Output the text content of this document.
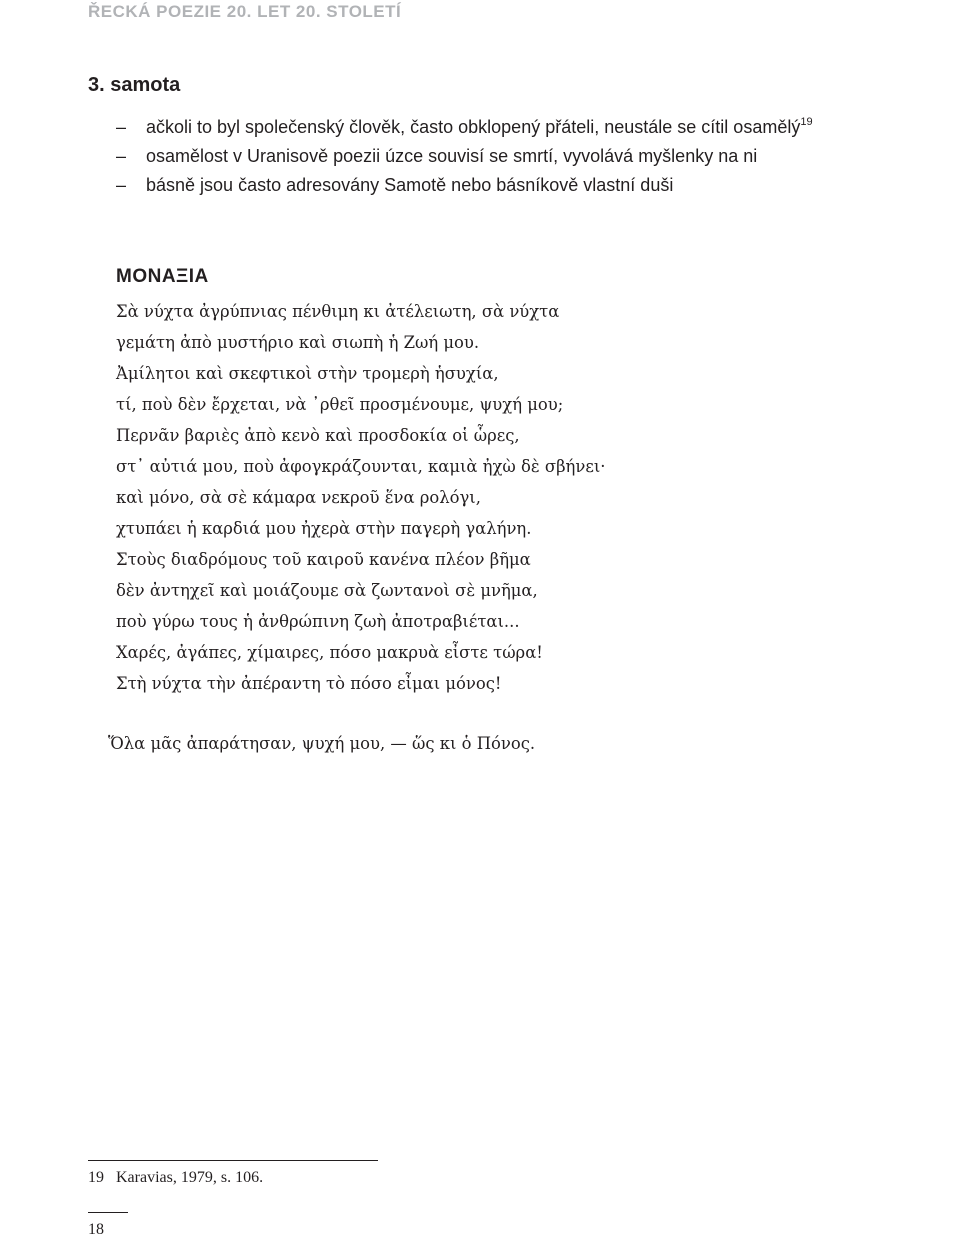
ŘECKÁ POEZIE 20. LET 20. STOLETÍ
3. samota
– ačkoli to byl společenský člověk, často obklopený přáteli, neustále se cítil osamělý$^{19}$
– osamělost v Uranisově poezii úzce souvisí se smrtí, vyvolává myšlenky na ni
– básně jsou často adresovány Samotě nebo básníkově vlastní duši
ΜΟΝΑΞΙΑ
Σὰ νύχτα ἀγρύπνιας πένθιμη κι ἀτέλειωτη, σὰ νύχτα
γεμάτη ἀπὸ μυστήριο καὶ σιωπὴ ἡ Ζωή μου.
Ἀμίλητοι καὶ σκεφτικοὶ στὴν τρομερὴ ἡσυχία,
τί, ποὺ δὲν ἔρχεται, νὰ ᾿ρθεῖ προσμένουμε, ψυχή μου;
Περνᾶν βαριὲς ἀπὸ κενὸ καὶ προσδοκία οἱ ὧρες,
στ᾿ αὐτιά μου, ποὺ ἀφογκράζουνται, καμιὰ ἠχὼ δὲ σβήνει·
καὶ μόνο, σὰ σὲ κάμαρα νεκροῦ ἕνα ρολόγι,
χτυπάει ἡ καρδιά μου ἠχερὰ στὴν παγερὴ γαλήνη.
Στοὺς διαδρόμους τοῦ καιροῦ κανένα πλέον βῆμα
δὲν ἀντηχεῖ καὶ μοιάζουμε σὰ ζωντανοὶ σὲ μνῆμα,
ποὺ γύρω τους ἡ ἀνθρώπινη ζωὴ ἀποτραβιέται...
Χαρές, ἀγάπες, χίμαιρες, πόσο μακρυὰ εἶστε τώρα!
Στὴ νύχτα τὴν ἀπέραντη τὸ πόσο εἶμαι μόνος!
Ὅλα μᾶς ἀπαράτησαν, ψυχή μου, — ὥς κι ὁ Πόνος.
19 Karavias, 1979, s. 106.
18
